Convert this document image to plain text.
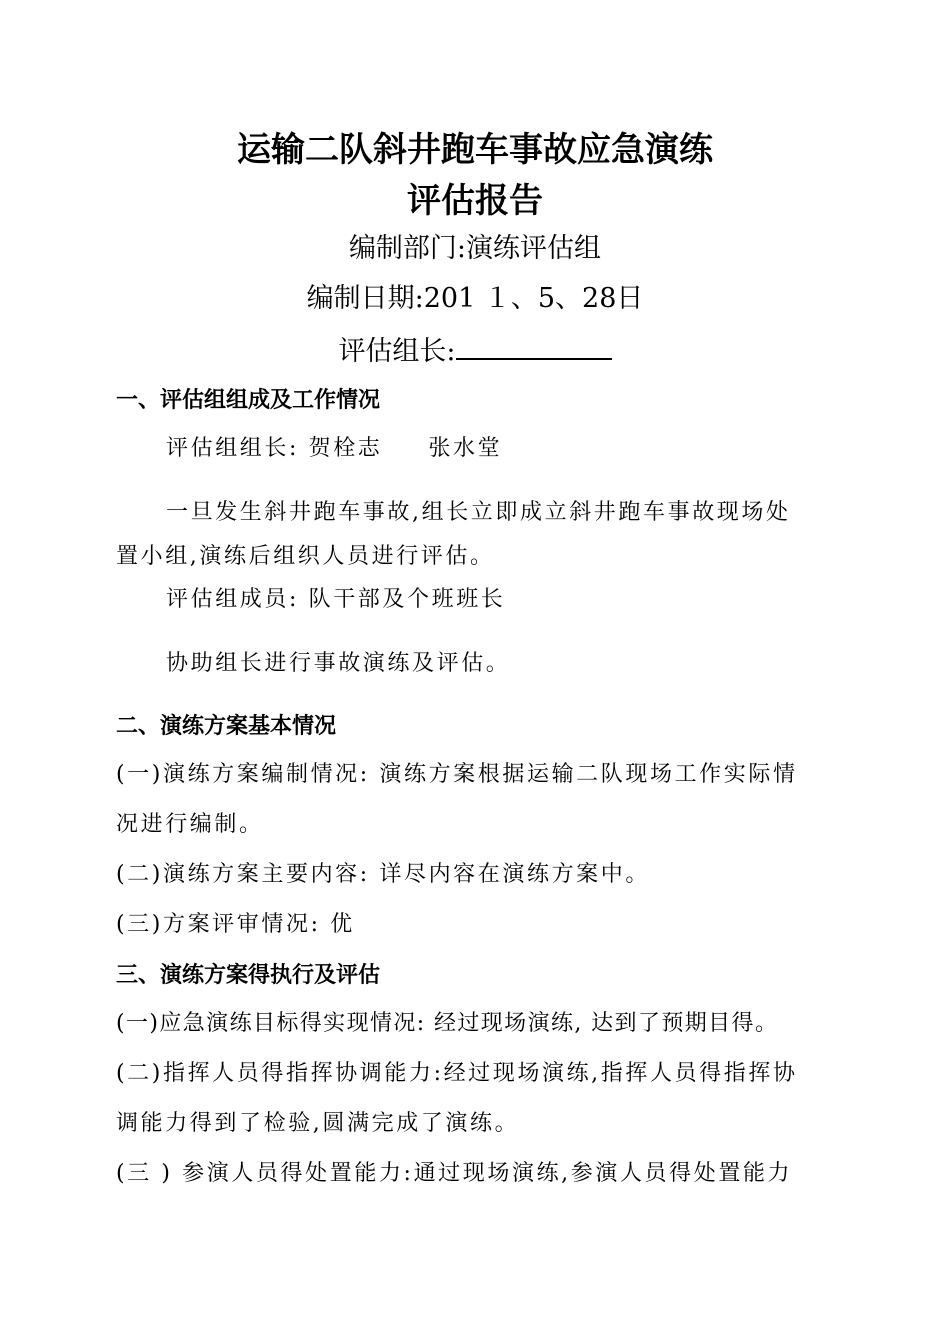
运输二队斜井跑车事故应急演练
评估报告

编制部门:演练评估组

编制日期:201 １、5、28日

评估组长:

一、评估组组成及工作情况

评估组组长: 贺栓志 张水堂

一旦发生斜井跑车事故,组长立即成立斜井跑车事故现场处

置小组,演练后组织人员进行评估。

评估组成员: 队干部及个班班长

协助组长进行事故演练及评估。

二、演练方案基本情况

(一)演练方案编制情况: 演练方案根据运输二队现场工作实际情

况进行编制。

(二)演练方案主要内容: 详尽内容在演练方案中。

(三)方案评审情况: 优

三、演练方案得执行及评估

(一)应急演练目标得实现情况: 经过现场演练, 达到了预期目得。

(二)指挥人员得指挥协调能力:经过现场演练,指挥人员得指挥协

调能力得到了检验,圆满完成了演练。

(三 ) 参演人员得处置能力:通过现场演练,参演人员得处置能力
